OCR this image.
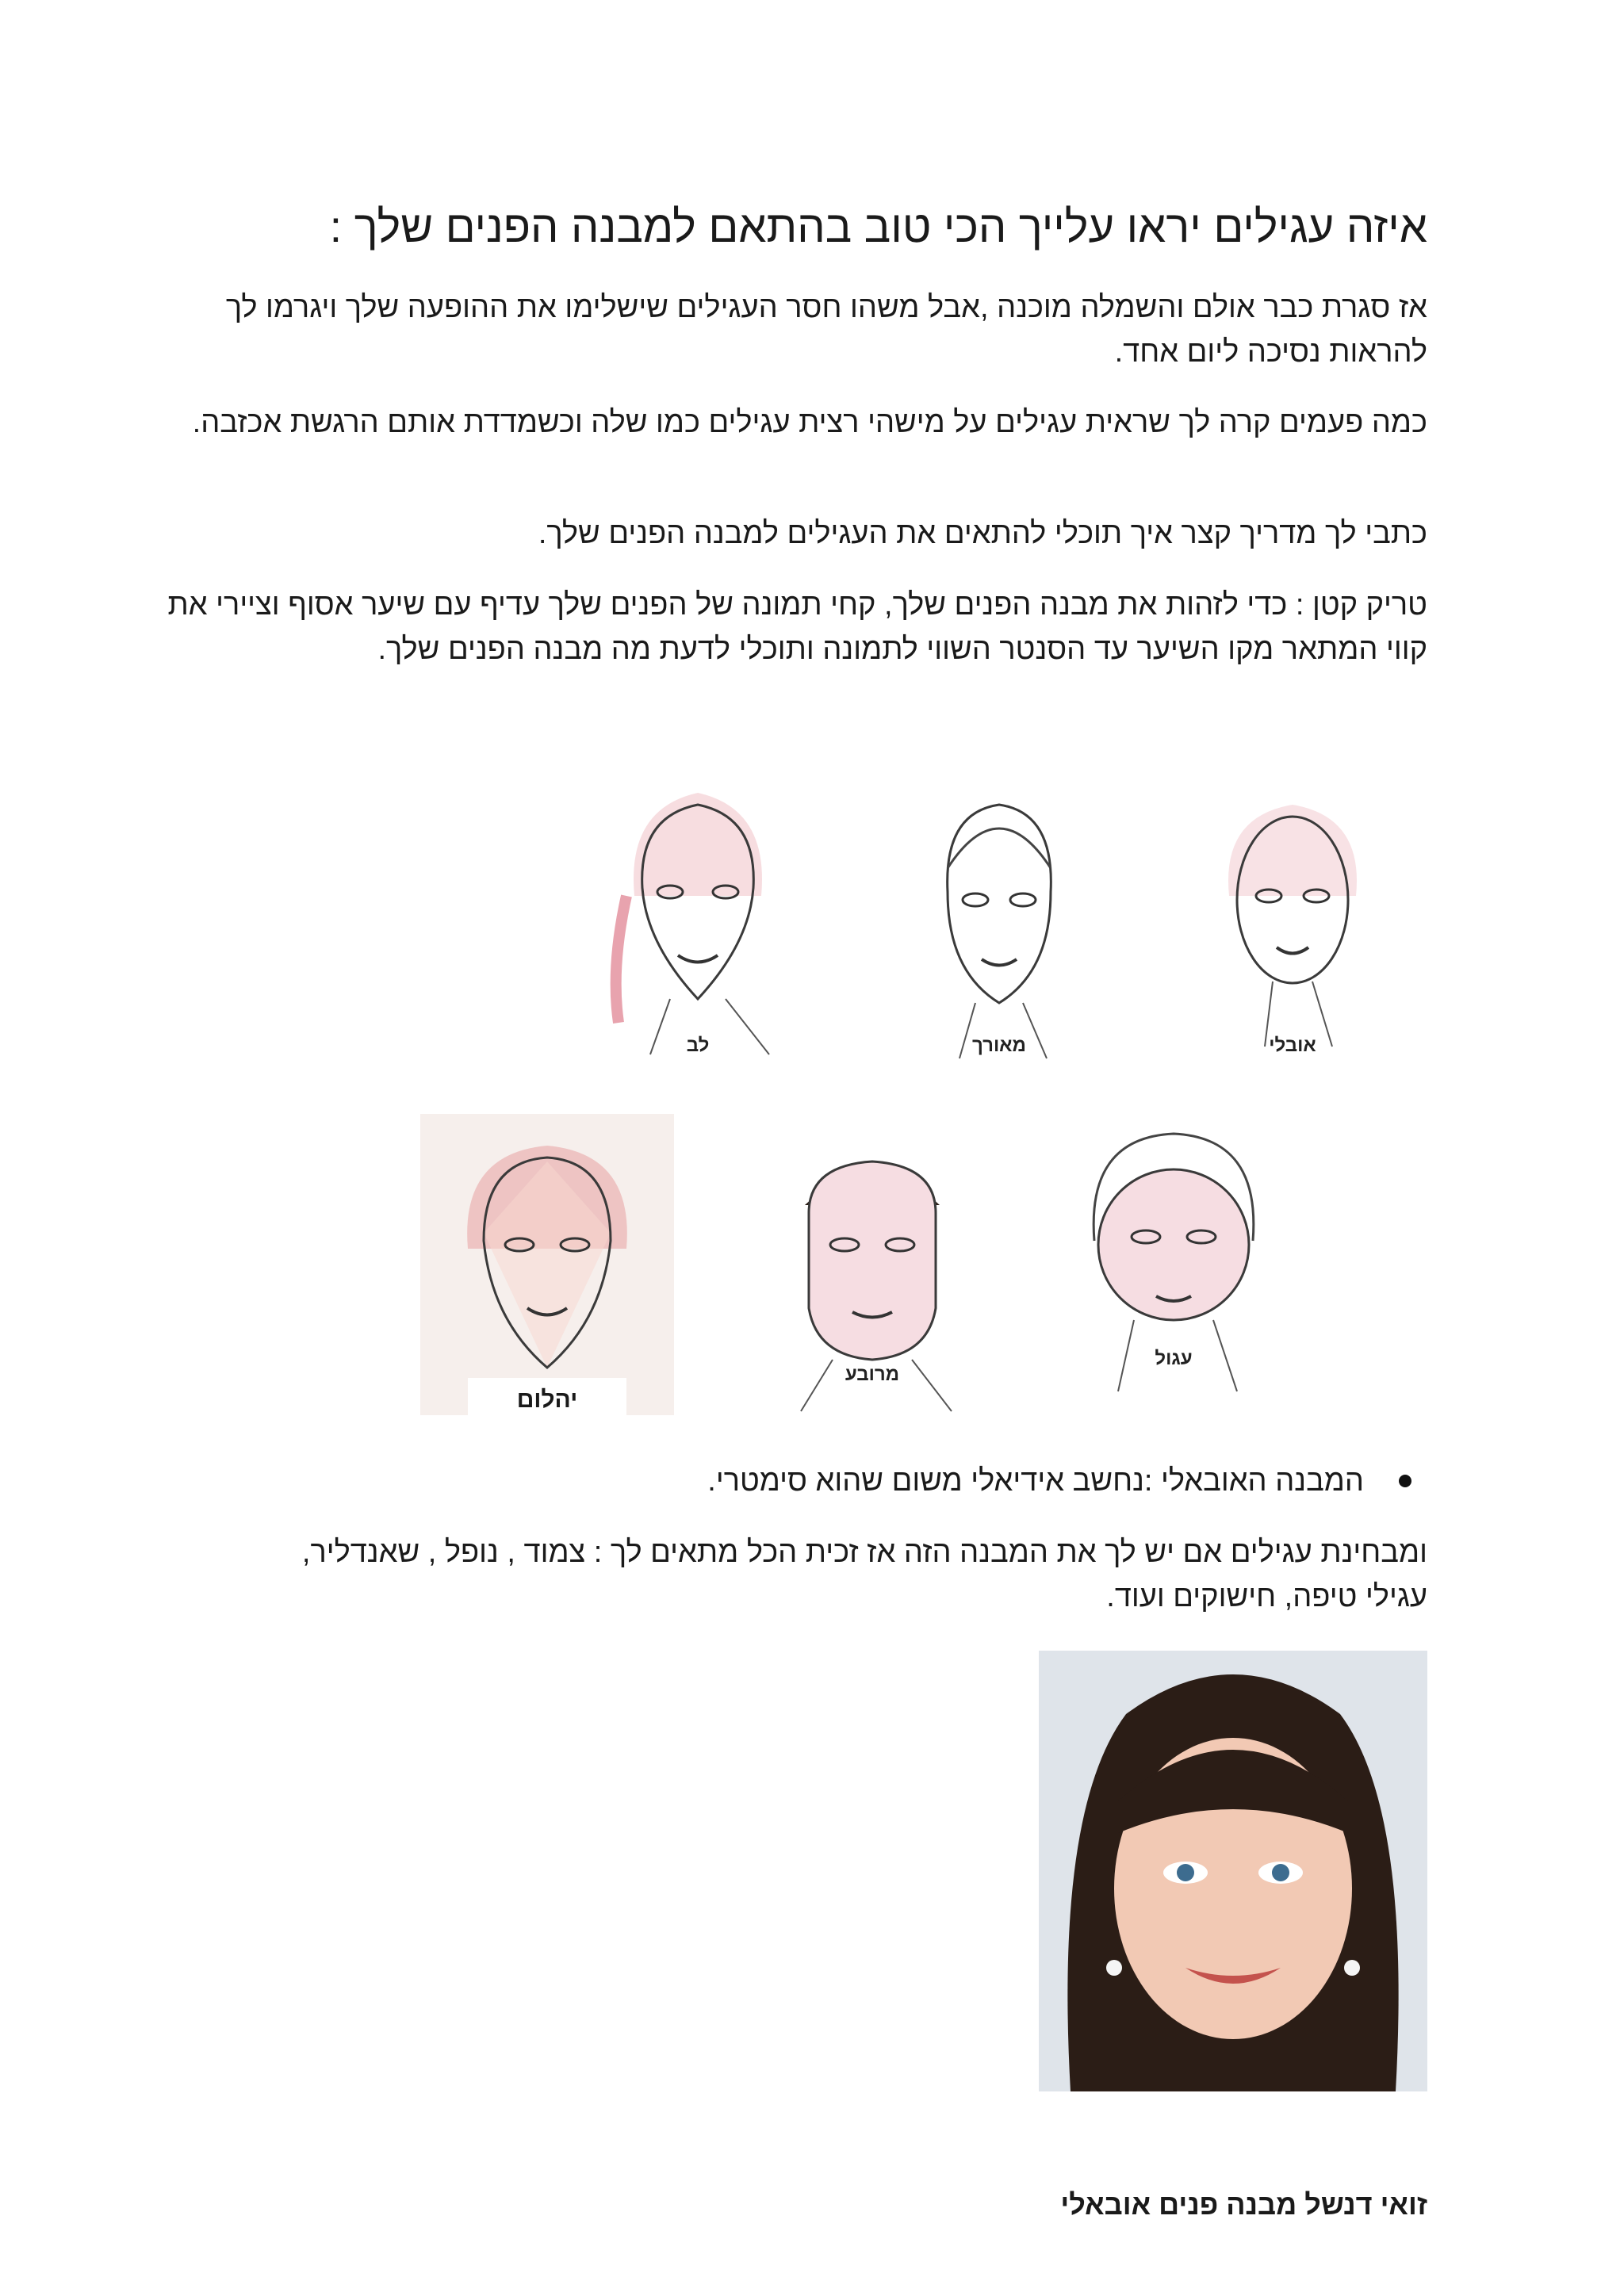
איזה עגילים יראו עלייך הכי טוב בהתאם למבנה הפנים שלך :

אז סגרת כבר אולם והשמלה מוכנה ,אבל משהו חסר העגילים שישלימו את ההופעה שלך ויגרמו לך להראות נסיכה ליום אחד.

כמה פעמים קרה לך שראית עגילים על מישהי רצית עגילים כמו שלה וכשמדדת אותם הרגשת אכזבה.

כתבי לך מדריך קצר איך תוכלי להתאים את העגילים למבנה הפנים שלך.

טריק קטן : כדי לזהות את מבנה הפנים שלך, קחי תמונה של הפנים שלך עדיף עם שיער אסוף וציירי את קווי המתאר מקו השיער עד הסנטר השווי לתמונה ותוכלי לדעת מה מבנה הפנים שלך.

לב	מאורך	אובלי
יהלום
מרובע
עגול
המבנה האובאלי :נחשב אידיאלי משום שהוא סימטרי.

ומבחינת עגילים אם יש לך את המבנה הזה אז זכית הכל מתאים לך : צמוד , נופל , שאנדליר, עגילי טיפה, חישוקים ועוד.

זואי דנשל מבנה פנים אובאלי
